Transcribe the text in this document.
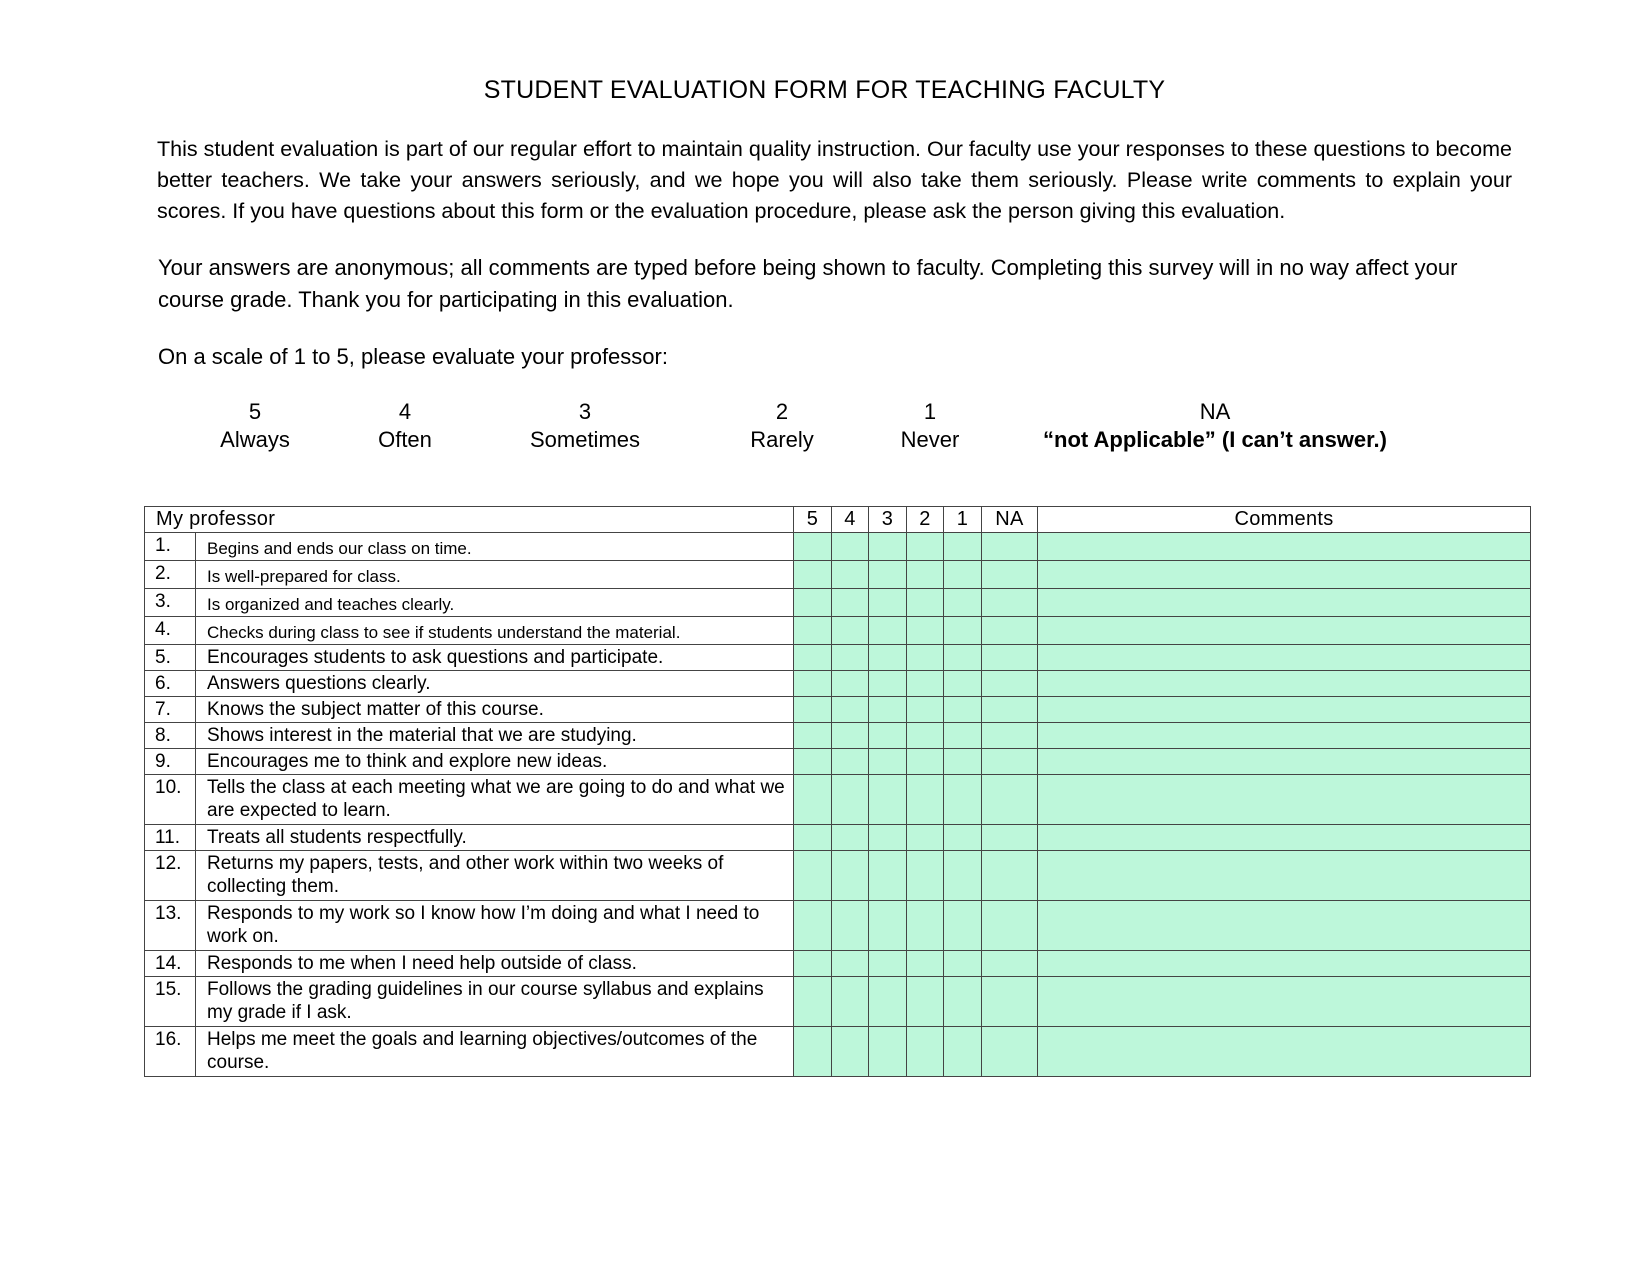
STUDENT EVALUATION FORM FOR TEACHING FACULTY
This student evaluation is part of our regular effort to maintain quality instruction. Our faculty use your responses to these questions to become better teachers. We take your answers seriously, and we hope you will also take them seriously. Please write comments to explain your scores. If you have questions about this form or the evaluation procedure, please ask the person giving this evaluation.
Your answers are anonymous; all comments are typed before being shown to faculty. Completing this survey will in no way affect your course grade. Thank you for participating in this evaluation.
On a scale of 1 to 5, please evaluate your professor:
5
Always
4
Often
3
Sometimes
2
Rarely
1
Never
NA
“not Applicable” (I can’t answer.)
My professor		5	4	3	2	1	NA	Comments
1.	Begins and ends our class on time.							
2.	Is well-prepared for class.							
3.	Is organized and teaches clearly.							
4.	Checks during class to see if students understand the material.							
5.	Encourages students to ask questions and participate.							
6.	Answers questions clearly.							
7.	Knows the subject matter of this course.							
8.	Shows interest in the material that we are studying.							
9.	Encourages me to think and explore new ideas.							
10.	Tells the class at each meeting what we are going to do and what we are expected to learn.							
11.	Treats all students respectfully.							
12.	Returns my papers, tests, and other work within two weeks of collecting them.							
13.	Responds to my work so I know how I’m doing and what I need to work on.							
14.	Responds to me when I need help outside of class.							
15.	Follows the grading guidelines in our course syllabus and explains my grade if I ask.							
16.	Helps me meet the goals and learning objectives/outcomes of the course.							
